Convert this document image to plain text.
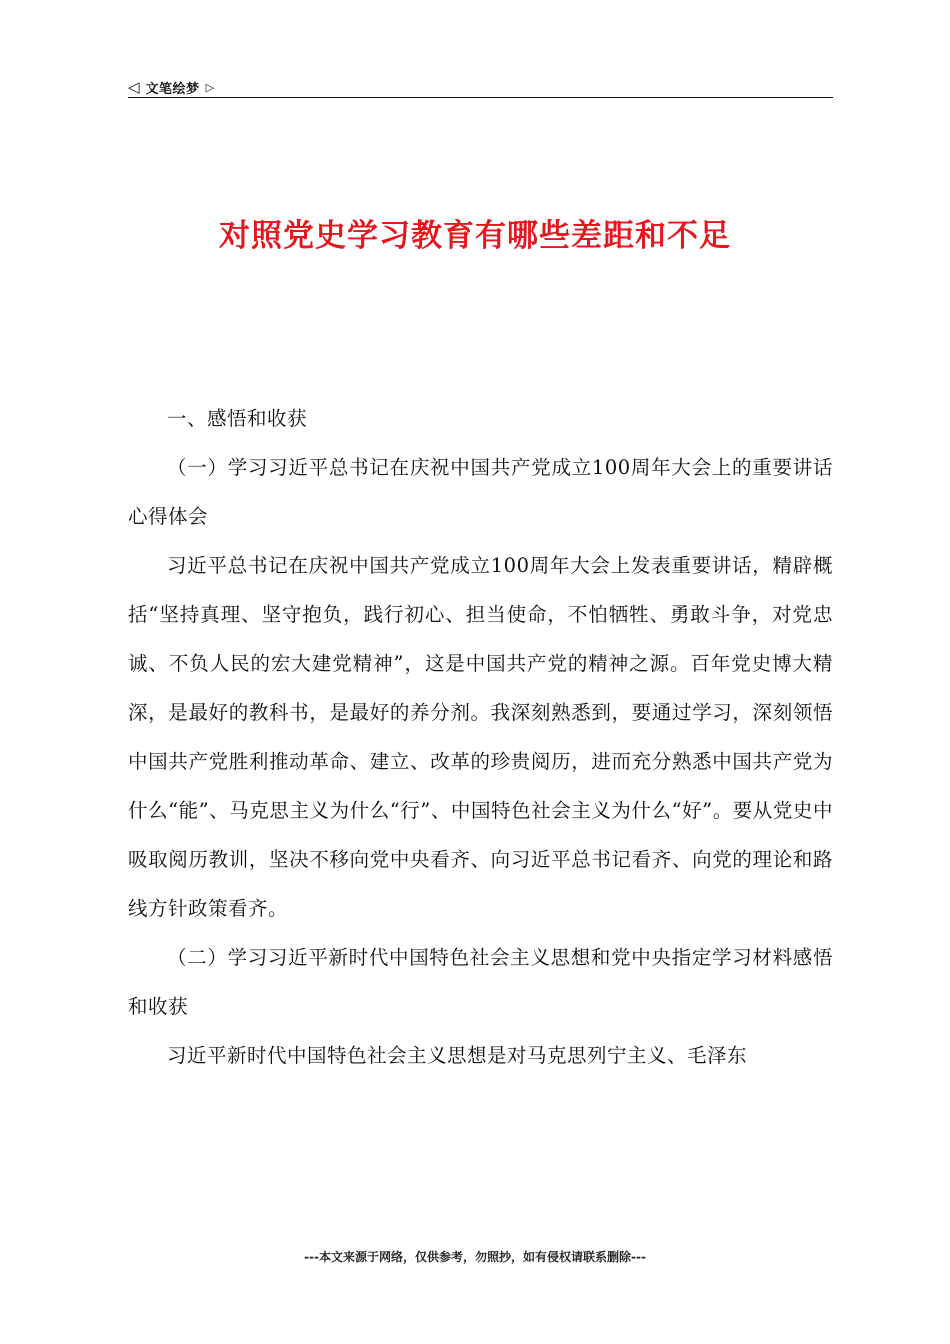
◁ 文笔绘梦 ▷
对照党史学习教育有哪些差距和不足

一、感悟和收获

（一）学习习近平总书记在庆祝中国共产党成立100周年大会上的重要讲话心得体会

习近平总书记在庆祝中国共产党成立100周年大会上发表重要讲话，精辟概括“坚持真理、坚守抱负，践行初心、担当使命，不怕牺牲、勇敢斗争，对党忠诚、不负人民的宏大建党精神”，这是中国共产党的精神之源。百年党史博大精深，是最好的教科书，是最好的养分剂。我深刻熟悉到，要通过学习，深刻领悟中国共产党胜利推动革命、建立、改革的珍贵阅历，进而充分熟悉中国共产党为什么“能”、马克思主义为什么“行”、中国特色社会主义为什么“好”。要从党史中吸取阅历教训，坚决不移向党中央看齐、向习近平总书记看齐、向党的理论和路线方针政策看齐。

（二）学习习近平新时代中国特色社会主义思想和党中央指定学习材料感悟和收获

习近平新时代中国特色社会主义思想是对马克思列宁主义、毛泽东

---本文来源于网络，仅供参考，勿照抄，如有侵权请联系删除---
